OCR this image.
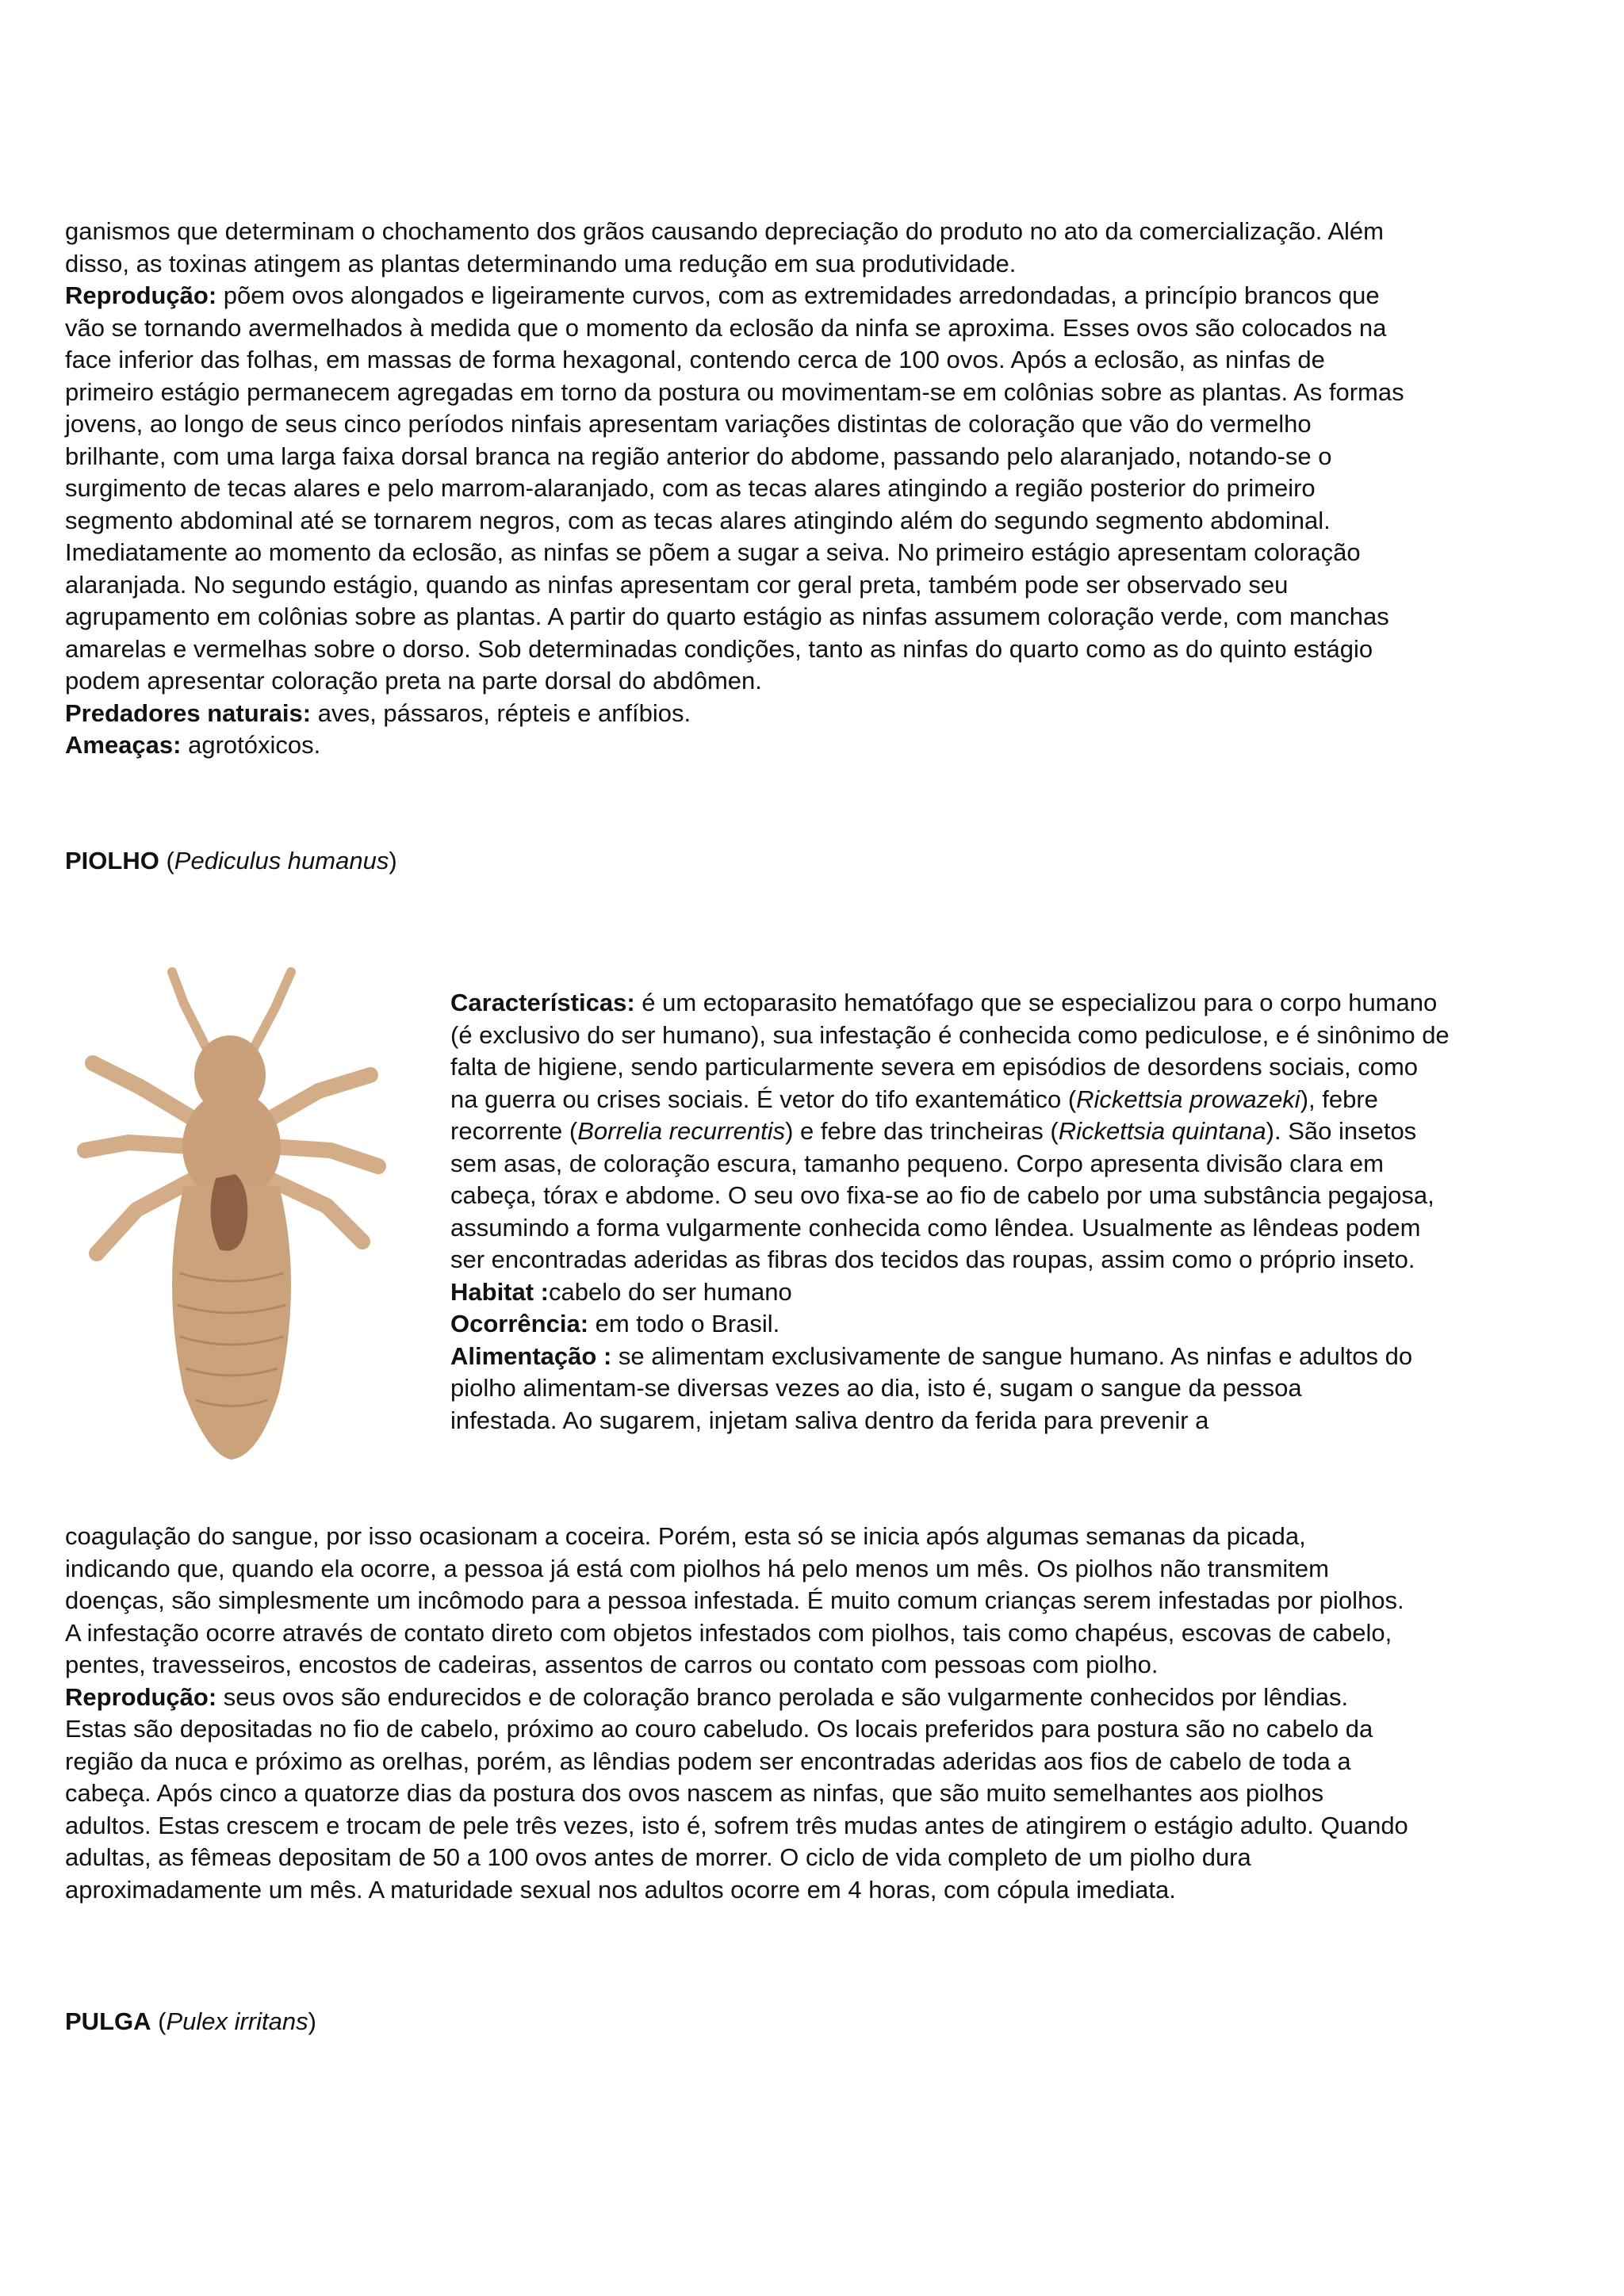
ganismos que determinam o chochamento dos grãos causando depreciação do produto no ato da comercialização. Além
disso, as toxinas atingem as plantas determinando uma redução em sua produtividade.
Reprodução: põem ovos alongados e ligeiramente curvos, com as extremidades arredondadas, a princípio brancos que
vão se tornando avermelhados à medida que o momento da eclosão da ninfa se aproxima. Esses ovos são colocados na
face inferior das folhas, em massas de forma hexagonal, contendo cerca de 100 ovos. Após a eclosão, as ninfas de
primeiro estágio permanecem agregadas em torno da postura ou movimentam-se em colônias sobre as plantas. As formas
jovens, ao longo de seus cinco períodos ninfais apresentam variações distintas de coloração que vão do vermelho
brilhante, com uma larga faixa dorsal branca na região anterior do abdome, passando pelo alaranjado, notando-se o
surgimento de tecas alares e pelo marrom-alaranjado, com as tecas alares atingindo a região posterior do primeiro
segmento abdominal até se tornarem negros, com as tecas alares atingindo além do segundo segmento abdominal.
Imediatamente ao momento da eclosão, as ninfas se põem a sugar a seiva. No primeiro estágio apresentam coloração
alaranjada. No segundo estágio, quando as ninfas apresentam cor geral preta, também pode ser observado seu
agrupamento em colônias sobre as plantas. A partir do quarto estágio as ninfas assumem coloração verde, com manchas
amarelas e vermelhas sobre o dorso. Sob determinadas condições, tanto as ninfas do quarto como as do quinto estágio
podem apresentar coloração preta na parte dorsal do abdômen.
Predadores naturais: aves, pássaros, répteis e anfíbios.
Ameaças: agrotóxicos.
PIOLHO (Pediculus humanus)
Características: é um ectoparasito hematófago que se especializou para o corpo humano
(é exclusivo do ser humano), sua infestação é conhecida como pediculose, e é sinônimo de
falta de higiene, sendo particularmente severa em episódios de desordens sociais, como
na guerra ou crises sociais. É vetor do tifo exantemático (Rickettsia prowazeki), febre
recorrente (Borrelia recurrentis) e febre das trincheiras (Rickettsia quintana). São insetos
sem asas, de coloração escura, tamanho pequeno. Corpo apresenta divisão clara em
cabeça, tórax e abdome. O seu ovo fixa-se ao fio de cabelo por uma substância pegajosa,
assumindo a forma vulgarmente conhecida como lêndea. Usualmente as lêndeas podem
ser encontradas aderidas as fibras dos tecidos das roupas, assim como o próprio inseto.
Habitat :cabelo do ser humano
Ocorrência: em todo o Brasil.
Alimentação : se alimentam exclusivamente de sangue humano. As ninfas e adultos do
piolho alimentam-se diversas vezes ao dia, isto é, sugam o sangue da pessoa
infestada. Ao sugarem, injetam saliva dentro da ferida para prevenir a
coagulação do sangue, por isso ocasionam a coceira. Porém, esta só se inicia após algumas semanas da picada,
indicando que, quando ela ocorre, a pessoa já está com piolhos há pelo menos um mês. Os piolhos não transmitem
doenças, são simplesmente um incômodo para a pessoa infestada. É muito comum crianças serem infestadas por piolhos.
A infestação ocorre através de contato direto com objetos infestados com piolhos, tais como chapéus, escovas de cabelo,
pentes, travesseiros, encostos de cadeiras, assentos de carros ou contato com pessoas com piolho.
Reprodução: seus ovos são endurecidos e de coloração branco perolada e são vulgarmente conhecidos por lêndias.
Estas são depositadas no fio de cabelo, próximo ao couro cabeludo. Os locais preferidos para postura são no cabelo da
região da nuca e próximo as orelhas, porém, as lêndias podem ser encontradas aderidas aos fios de cabelo de toda a
cabeça. Após cinco a quatorze dias da postura dos ovos nascem as ninfas, que são muito semelhantes aos piolhos
adultos. Estas crescem e trocam de pele três vezes, isto é, sofrem três mudas antes de atingirem o estágio adulto. Quando
adultas, as fêmeas depositam de 50 a 100 ovos antes de morrer. O ciclo de vida completo de um piolho dura
aproximadamente um mês. A maturidade sexual nos adultos ocorre em 4 horas, com cópula imediata.
PULGA (Pulex irritans)
